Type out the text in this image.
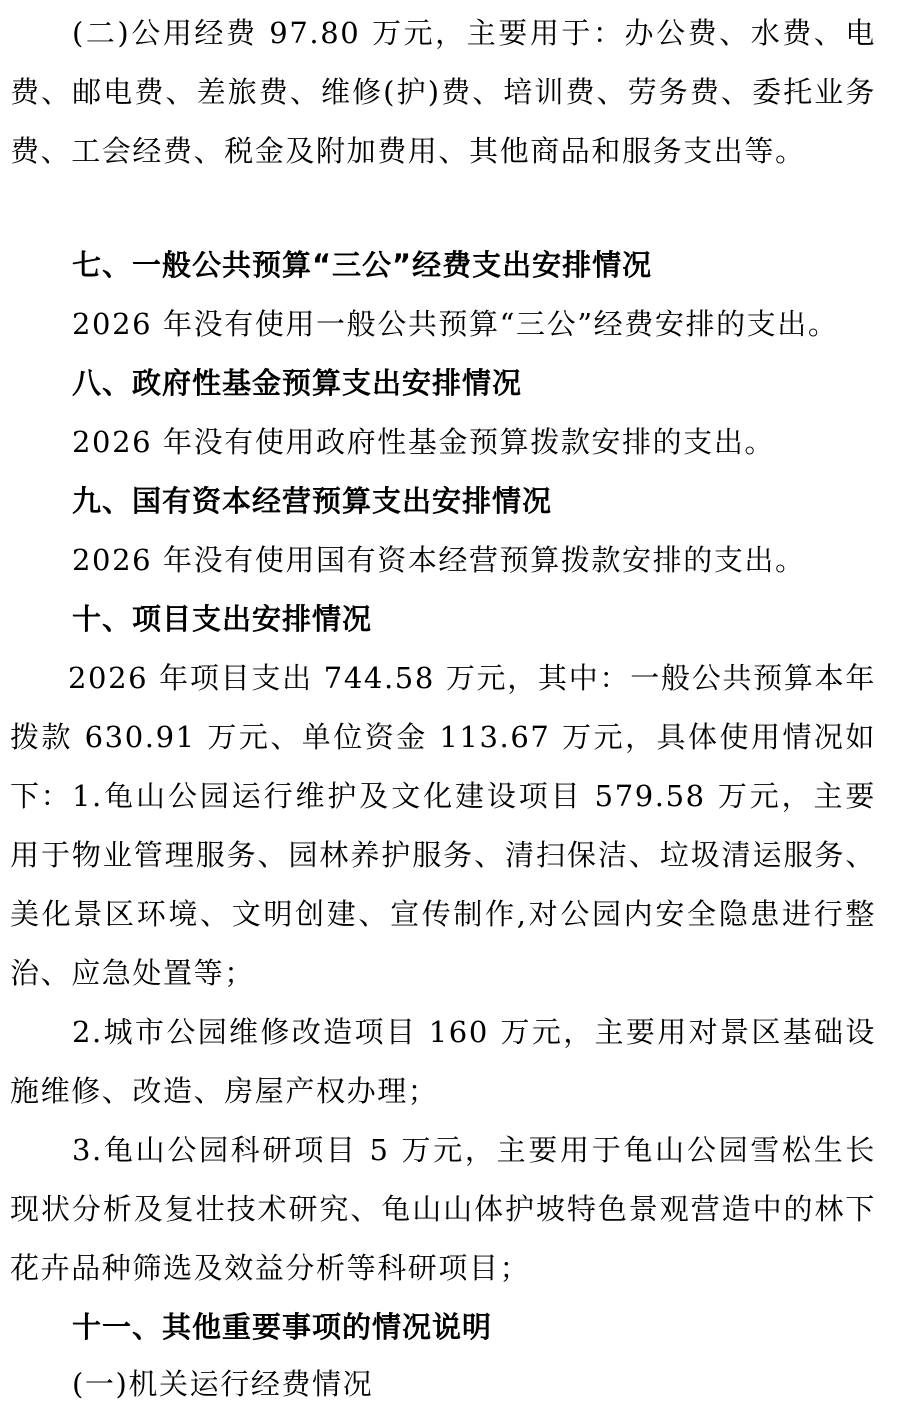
(二)公用经费 97.80 万元，主要用于：办公费、水费、电费、邮电费、差旅费、维修(护)费、培训费、劳务费、委托业务费、工会经费、税金及附加费用、其他商品和服务支出等。

七、一般公共预算“三公”经费支出安排情况

2026 年没有使用一般公共预算“三公”经费安排的支出。

八、政府性基金预算支出安排情况

2026 年没有使用政府性基金预算拨款安排的支出。

九、国有资本经营预算支出安排情况

2026 年没有使用国有资本经营预算拨款安排的支出。

十、项目支出安排情况

2026 年项目支出 744.58 万元，其中：一般公共预算本年拨款 630.91 万元、单位资金 113.67 万元，具体使用情况如下： 1.龟山公园运行维护及文化建设项目 579.58 万元，主要用于物业管理服务、园林养护服务、清扫保洁、垃圾清运服务、美化景区环境、文明创建、宣传制作,对公园内安全隐患进行整治、应急处置等；

2.城市公园维修改造项目 160 万元，主要用对景区基础设施维修、改造、房屋产权办理；

3.龟山公园科研项目 5 万元，主要用于龟山公园雪松生长现状分析及复壮技术研究、龟山山体护坡特色景观营造中的林下花卉品种筛选及效益分析等科研项目；

十一、其他重要事项的情况说明

(一)机关运行经费情况
